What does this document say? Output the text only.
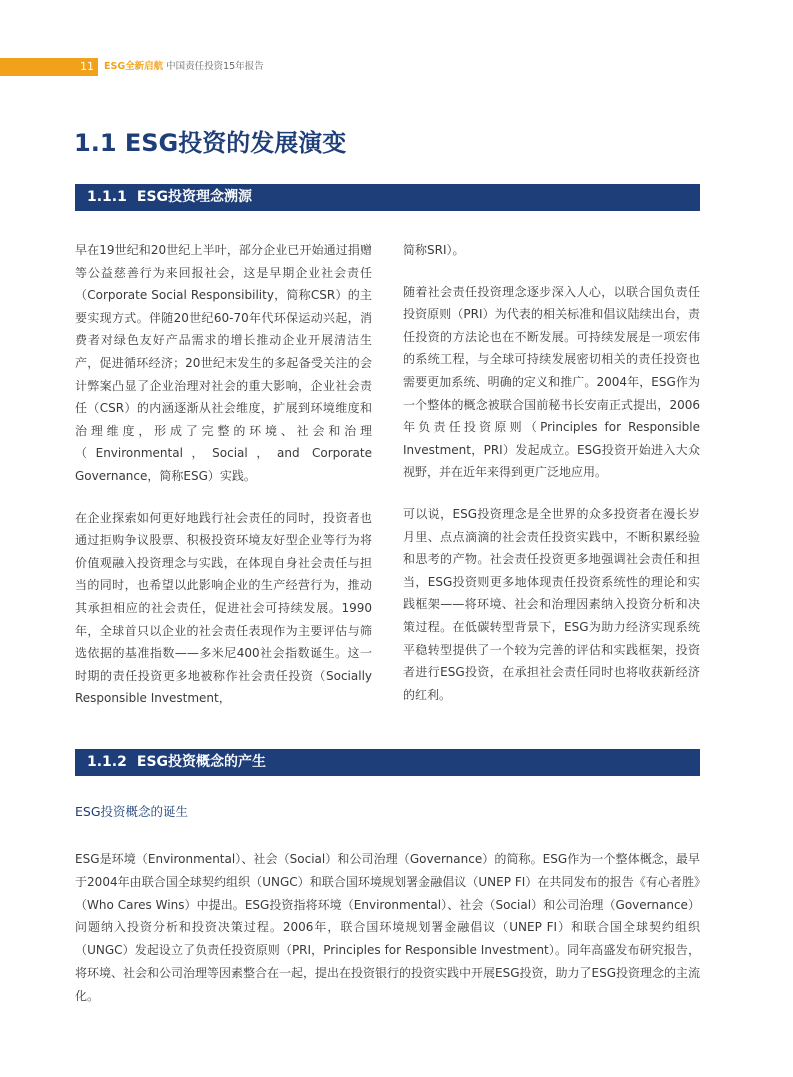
11	ESG全新启航 中国责任投资15年报告
1.1 ESG投资的发展演变
1.1.1 ESG投资理念溯源

早在19世纪和20世纪上半叶，部分企业已开始通过捐赠等公益慈善行为来回报社会，这是早期企业社会责任（Corporate Social Responsibility，简称CSR）的主要实现方式。伴随20世纪60-70年代环保运动兴起，消费者对绿色友好产品需求的增长推动企业开展清洁生产，促进循环经济；20世纪末发生的多起备受关注的会计弊案凸显了企业治理对社会的重大影响，企业社会责任（CSR）的内涵逐渐从社会维度，扩展到环境维度和治理维度，形成了完整的环境、社会和治理（Environmental，Social，and Corporate Governance，简称ESG）实践。

在企业探索如何更好地践行社会责任的同时，投资者也通过拒购争议股票、积极投资环境友好型企业等行为将价值观融入投资理念与实践，在体现自身社会责任与担当的同时，也希望以此影响企业的生产经营行为，推动其承担相应的社会责任，促进社会可持续发展。1990年，全球首只以企业的社会责任表现作为主要评估与筛选依据的基准指数——多米尼400社会指数诞生。这一时期的责任投资更多地被称作社会责任投资（Socially Responsible Investment，

简称SRI）。

随着社会责任投资理念逐步深入人心，以联合国负责任投资原则（PRI）为代表的相关标准和倡议陆续出台，责任投资的方法论也在不断发展。可持续发展是一项宏伟的系统工程，与全球可持续发展密切相关的责任投资也需要更加系统、明确的定义和推广。2004年，ESG作为一个整体的概念被联合国前秘书长安南正式提出，2006年负责任投资原则（Principles for Responsible Investment，PRI）发起成立。ESG投资开始进入大众视野，并在近年来得到更广泛地应用。

可以说，ESG投资理念是全世界的众多投资者在漫长岁月里、点点滴滴的社会责任投资实践中，不断积累经验和思考的产物。社会责任投资更多地强调社会责任和担当，ESG投资则更多地体现责任投资系统性的理论和实践框架——将环境、社会和治理因素纳入投资分析和决策过程。在低碳转型背景下，ESG为助力经济实现系统平稳转型提供了一个较为完善的评估和实践框架，投资者进行ESG投资，在承担社会责任同时也将收获新经济的红利。

1.1.2 ESG投资概念的产生
ESG投资概念的诞生

ESG是环境（Environmental）、社会（Social）和公司治理（Governance）的简称。ESG作为一个整体概念，最早于2004年由联合国全球契约组织（UNGC）和联合国环境规划署金融倡议（UNEP FI）在共同发布的报告《有心者胜》（Who Cares Wins）中提出。ESG投资指将环境（Environmental）、社会（Social）和公司治理（Governance）问题纳入投资分析和投资决策过程。2006年，联合国环境规划署金融倡议（UNEP FI）和联合国全球契约组织（UNGC）发起设立了负责任投资原则（PRI，Principles for Responsible Investment）。同年高盛发布研究报告，将环境、社会和公司治理等因素整合在一起，提出在投资银行的投资实践中开展ESG投资，助力了ESG投资理念的主流化。
